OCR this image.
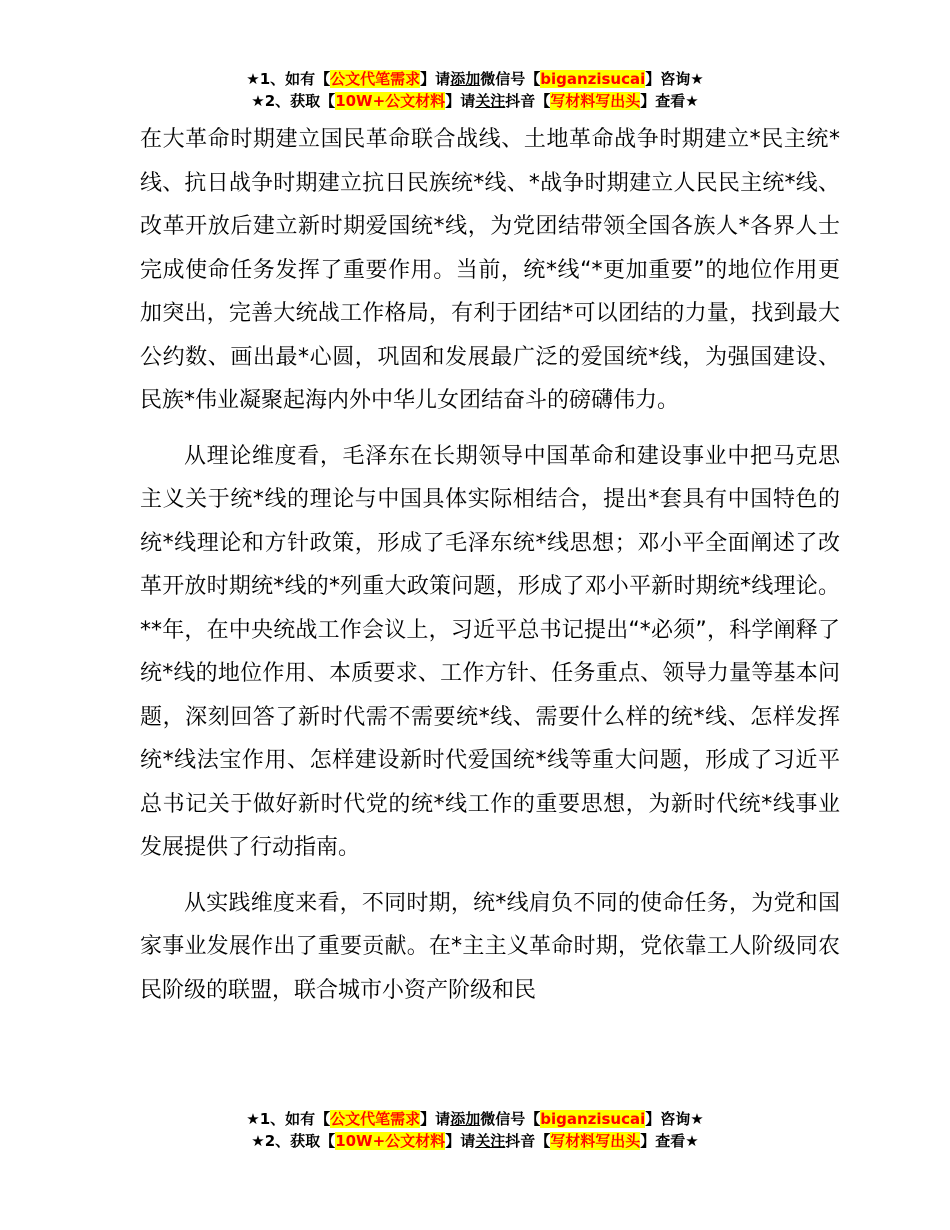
★1、如有【公文代笔需求】请添加微信号【biganzisucai】咨询★
★2、获取【10W+公文材料】请关注抖音【写材料写出头】查看★

在大革命时期建立国民革命联合战线、土地革命战争时期建立*民主统*线、抗日战争时期建立抗日民族统*线、*战争时期建立人民民主统*线、改革开放后建立新时期爱国统*线，为党团结带领全国各族人*各界人士完成使命任务发挥了重要作用。当前，统*线“*更加重要”的地位作用更加突出，完善大统战工作格局，有利于团结*可以团结的力量，找到最大公约数、画出最*心圆，巩固和发展最广泛的爱国统*线，为强国建设、民族*伟业凝聚起海内外中华儿女团结奋斗的磅礴伟力。

从理论维度看，毛泽东在长期领导中国革命和建设事业中把马克思主义关于统*线的理论与中国具体实际相结合，提出*套具有中国特色的统*线理论和方针政策，形成了毛泽东统*线思想；邓小平全面阐述了改革开放时期统*线的*列重大政策问题，形成了邓小平新时期统*线理论。**年，在中央统战工作会议上，习近平总书记提出“*必须”，科学阐释了统*线的地位作用、本质要求、工作方针、任务重点、领导力量等基本问题，深刻回答了新时代需不需要统*线、需要什么样的统*线、怎样发挥统*线法宝作用、怎样建设新时代爱国统*线等重大问题，形成了习近平总书记关于做好新时代党的统*线工作的重要思想，为新时代统*线事业发展提供了行动指南。

从实践维度来看，不同时期，统*线肩负不同的使命任务，为党和国家事业发展作出了重要贡献。在*主主义革命时期，党依靠工人阶级同农民阶级的联盟，联合城市小资产阶级和民

★1、如有【公文代笔需求】请添加微信号【biganzisucai】咨询★
★2、获取【10W+公文材料】请关注抖音【写材料写出头】查看★
